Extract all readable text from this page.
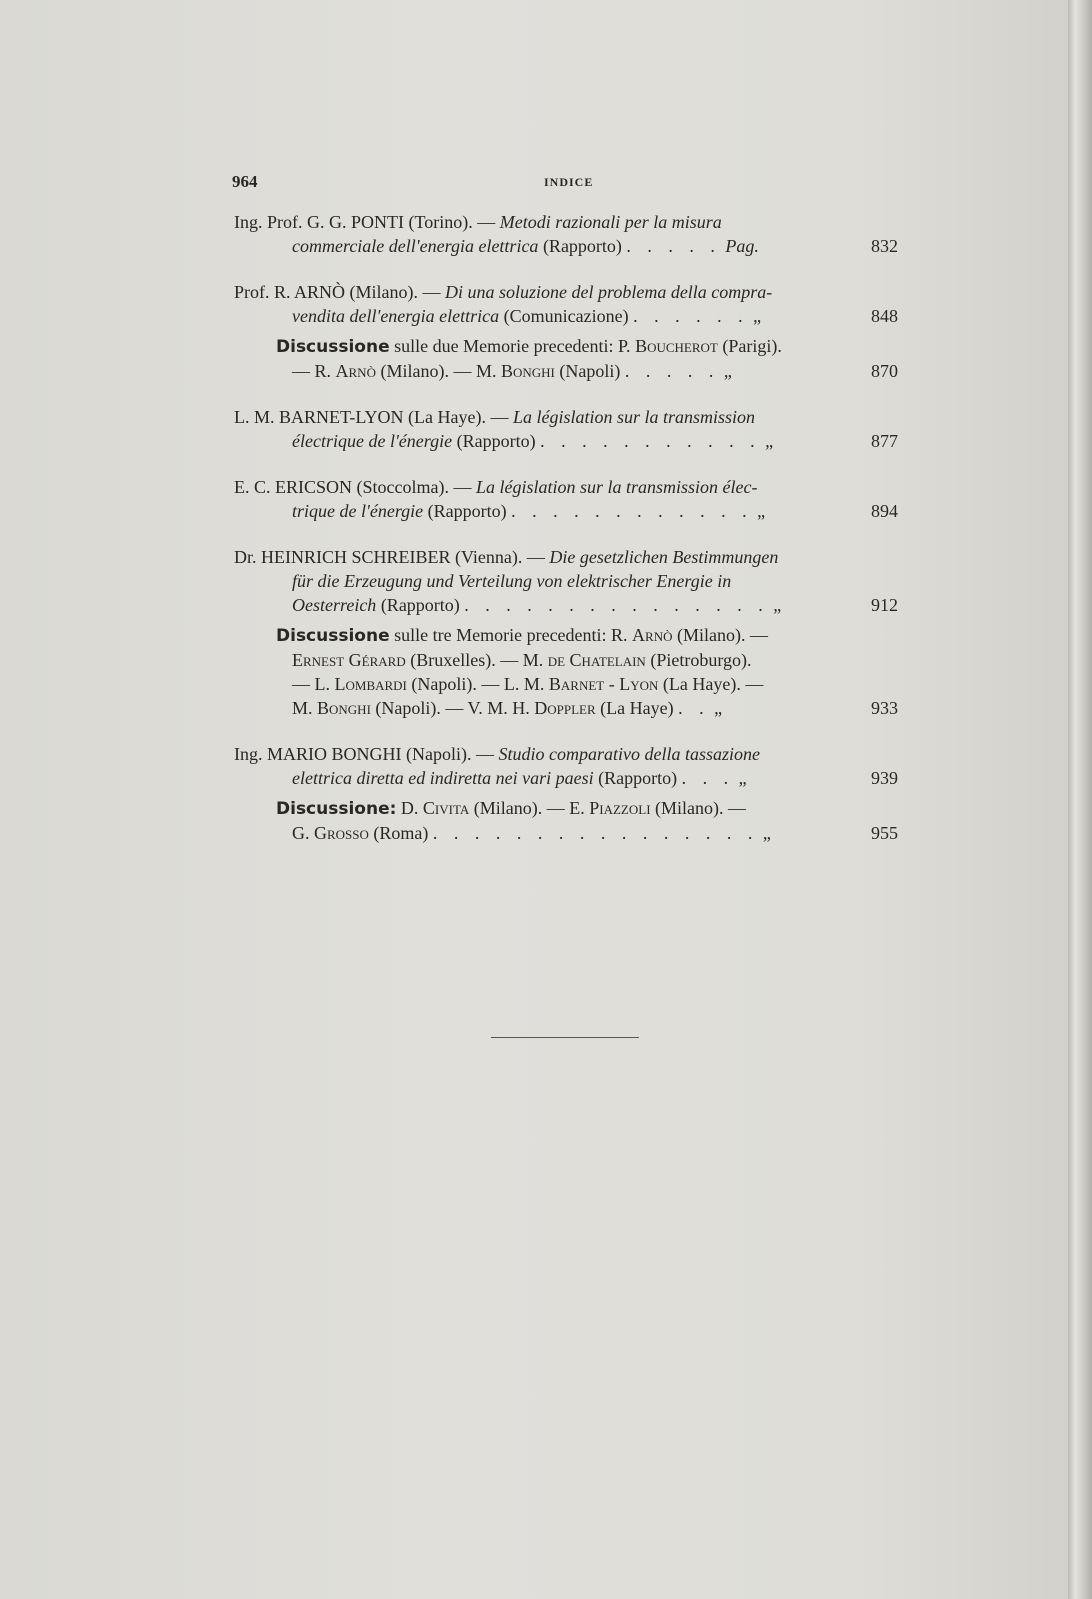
964	INDICE
Ing. Prof. G. G. PONTI (Torino). — Metodi razionali per la misura
commerciale dell'energia elettrica (Rapporto) . . . . . Pag.	832
Prof. R. ARNÒ (Milano). — Di una soluzione del problema della compra-
vendita dell'energia elettrica (Comunicazione) . . . . . . „	848
Discussione sulle due Memorie precedenti: P. Boucherot (Parigi).
— R. Arnò (Milano). — M. Bonghi (Napoli) . . . . . „	870
L. M. BARNET-LYON (La Haye). — La législation sur la transmission
électrique de l'énergie (Rapporto) . . . . . . . . . . . „	877
E. C. ERICSON (Stoccolma). — La législation sur la transmission élec-
trique de l'énergie (Rapporto) . . . . . . . . . . . . „	894
Dr. HEINRICH SCHREIBER (Vienna). — Die gesetzlichen Bestimmungen
für die Erzeugung und Verteilung von elektrischer Energie in
Oesterreich (Rapporto) . . . . . . . . . . . . . . . „	912
Discussione sulle tre Memorie precedenti: R. Arnò (Milano). —
Ernest Gérard (Bruxelles). — M. de Chatelain (Pietroburgo).
— L. Lombardi (Napoli). — L. M. Barnet - Lyon (La Haye). —
M. Bonghi (Napoli). — V. M. H. Doppler (La Haye) . . „	933
Ing. MARIO BONGHI (Napoli). — Studio comparativo della tassazione
elettrica diretta ed indiretta nei vari paesi (Rapporto) . . . „	939
Discussione: D. Civita (Milano). — E. Piazzoli (Milano). —
G. Grosso (Roma) . . . . . . . . . . . . . . . . „	955
